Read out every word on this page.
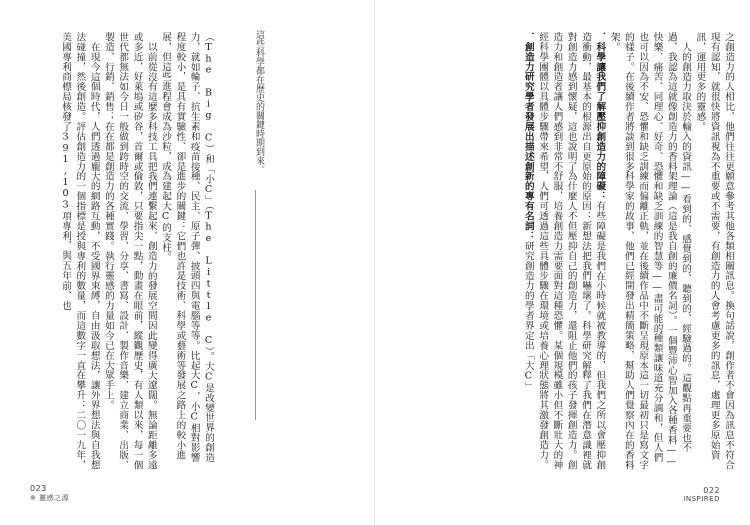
這些科學都在歷史的關鍵時期到來。

（The Big C）和「小C」（The Little C）。大C是改變世界的創造力，就如輪子、抗生素和疫苗接種、民主、原子彈、披頭四與電腦等等。比起大C，小C相對影響程度較小，是具有實驗性、卻是進步的關鍵：它們也許是技術、科學或藝術等發展之路上的較小進展，但這些進程會成為沙粒，成為建起大C的支柱。

以前從沒有這麼多科技工具把我們連繫起來，創造力的發展空間因此變得廣大遼闊。無論距離多遠或多近，好萊塢或矽谷，首爾或倫敦，只要指尖一點，動畫在眼前，縱觀歷史，有人類以來，每一個世代都無法如今日一般做到跨時空的交流、學習、分享、書寫、設計、製作音樂、建立商業、出版、製造、行銷、銷售；在在都是創造力的各種實踐。執行靈感的力量如今已在大眾手上。

在現今這個時代，人們透過龐大的網路互動，不受國界束縛，自由汲取想法，讓外界想法與自我想法碰撞，然後創造。評估創造力的一個指標是授與專利的數量，而這數字一直在攀升：二〇一九年，美國專利商標局核發了391,103項專利，與五年前、也

023
※ 靈感之源

之創造力的人相比，他們往往更願意參考其他各類相關訊息。換句話說，創作者不會因為訊息不符合現有認知，就很快將資訊視為不重要或不需要，有創造力的人會考慮更多的訊息，處理更多原始資訊，運用更多的靈感。

人的創造力取決於輸入的資訊——看到的、感覺到的、聽到的、經驗過的。這觀點再重要也不過，我認為這就像創造力的香料架理論（這是我自創的廉價名詞）。一個豐沛心智加入各種香料——快樂、痛苦、同理心、好奇、恐懼和缺乏訓練的智慧等——盡可能的種類讓味道充分調和，但人們也可以因為不安、恐懼和缺乏訓練而偏離正軌，並在後續作品中不斷呈現原本這一切最初只是寫文字的樣子。在後續作者將談到很多科學家的故事，他們已經開發出精簡策略，幫助人們覺察內在的香料架。

．科學讓我們了解壓抑創造力的障礙：有些障礙是我們在小時候就被教導的，但我們之所以會壓抑創造衝動，最基本的根源出自更原始的原因：新想法把我們嚇壞了。科學研究解釋了我們在潛意識裡就對創造力感到懷疑，這也說明了為什麼人不但壓抑自己的創造力，還阻止他們的孩子發揮創造力。創造力和創造者讓人們感到非常不舒服，培養創造力需要面對這種恐懼。某個規模雖小但不斷壯大的神經科學團體以具體步驟帶來希望，人們可透過這些具體步驟在環境或培養心理狀態將其激發創造力。

．創造力研究學者發展出描述創新的專有名詞：研究創造力的學者界定出「大C」

022
INSPIRED
